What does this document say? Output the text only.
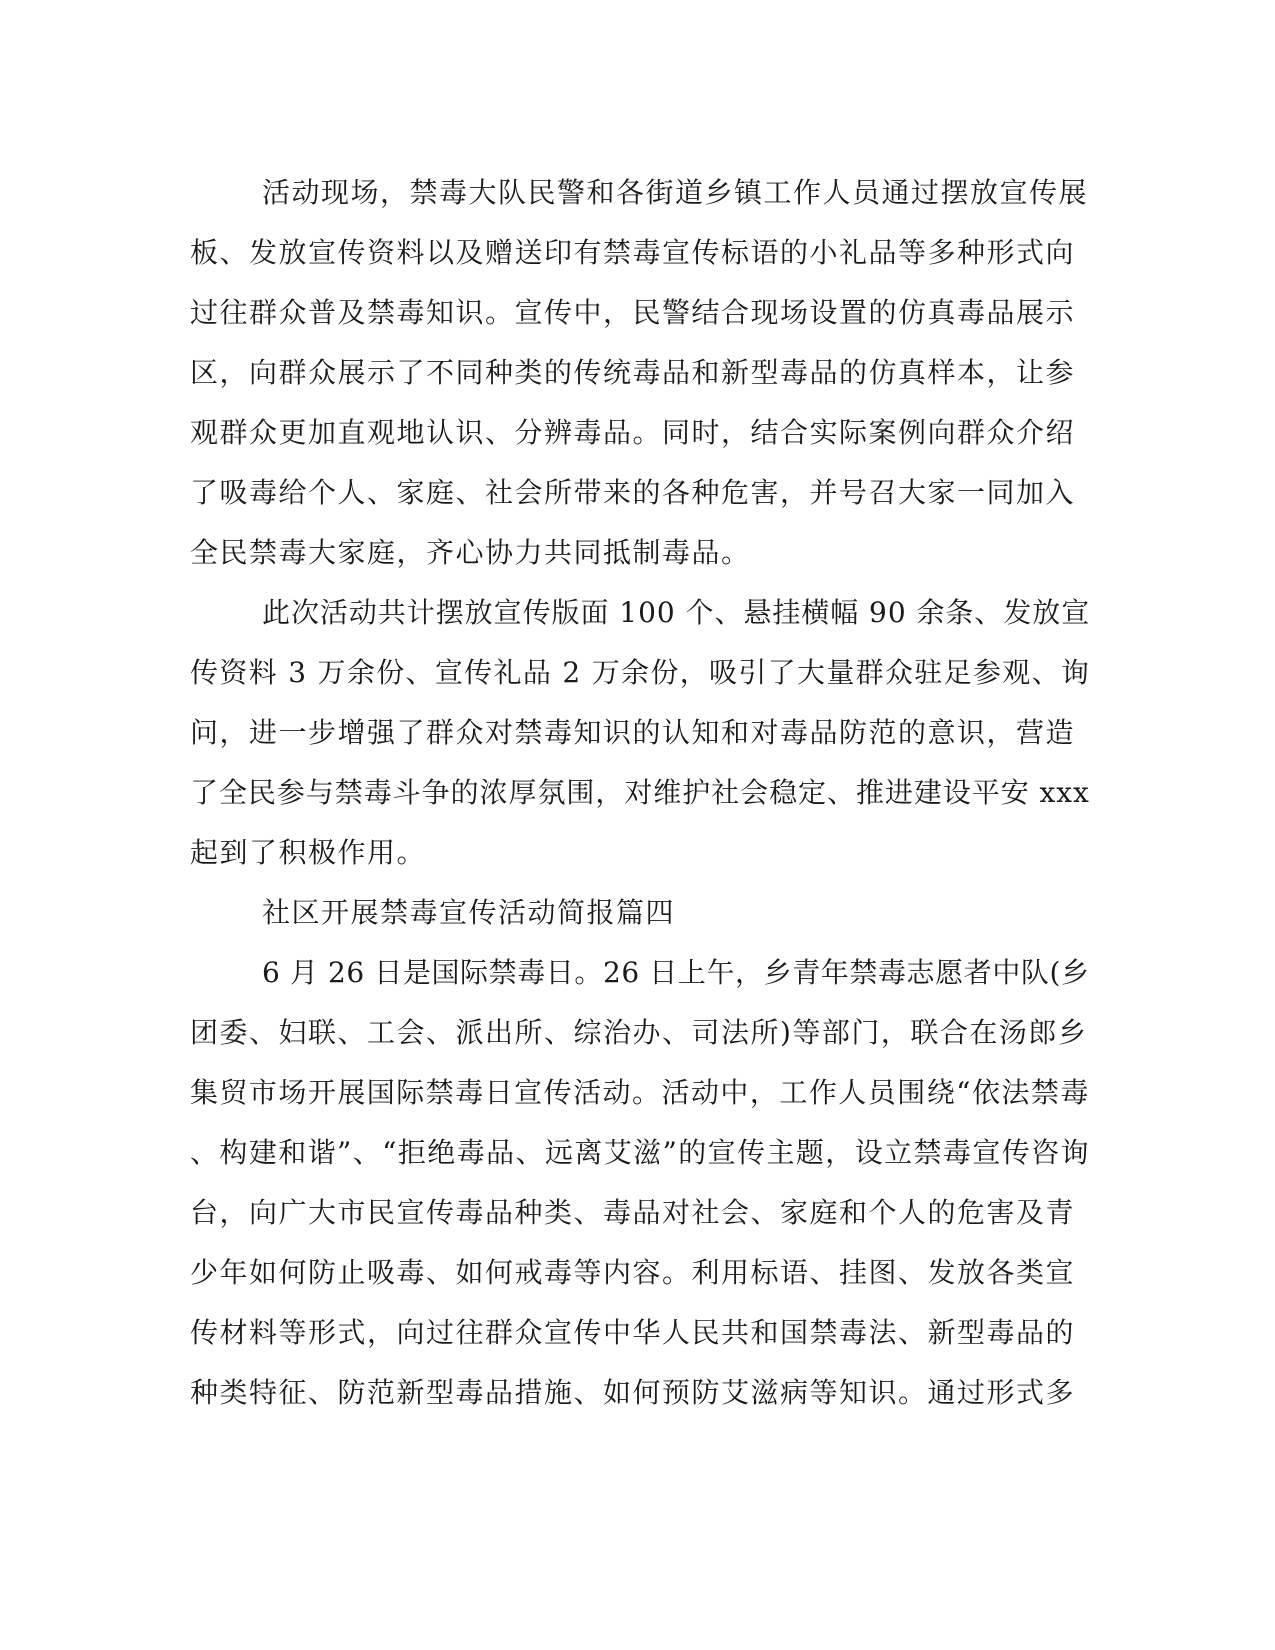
活动现场，禁毒大队民警和各街道乡镇工作人员通过摆放宣传展
板、发放宣传资料以及赠送印有禁毒宣传标语的小礼品等多种形式向
过往群众普及禁毒知识。宣传中，民警结合现场设置的仿真毒品展示
区，向群众展示了不同种类的传统毒品和新型毒品的仿真样本，让参
观群众更加直观地认识、分辨毒品。同时，结合实际案例向群众介绍
了吸毒给个人、家庭、社会所带来的各种危害，并号召大家一同加入
全民禁毒大家庭，齐心协力共同抵制毒品。
此次活动共计摆放宣传版面 100 个、悬挂横幅 90 余条、发放宣
传资料 3 万余份、宣传礼品 2 万余份，吸引了大量群众驻足参观、询
问，进一步增强了群众对禁毒知识的认知和对毒品防范的意识，营造
了全民参与禁毒斗争的浓厚氛围，对维护社会稳定、推进建设平安 xxx
起到了积极作用。
社区开展禁毒宣传活动简报篇四
6 月 26 日是国际禁毒日。26 日上午，乡青年禁毒志愿者中队(乡
团委、妇联、工会、派出所、综治办、司法所)等部门，联合在汤郎乡
集贸市场开展国际禁毒日宣传活动。活动中，工作人员围绕“依法禁毒
、构建和谐”、“拒绝毒品、远离艾滋”的宣传主题，设立禁毒宣传咨询
台，向广大市民宣传毒品种类、毒品对社会、家庭和个人的危害及青
少年如何防止吸毒、如何戒毒等内容。利用标语、挂图、发放各类宣
传材料等形式，向过往群众宣传中华人民共和国禁毒法、新型毒品的
种类特征、防范新型毒品措施、如何预防艾滋病等知识。通过形式多
